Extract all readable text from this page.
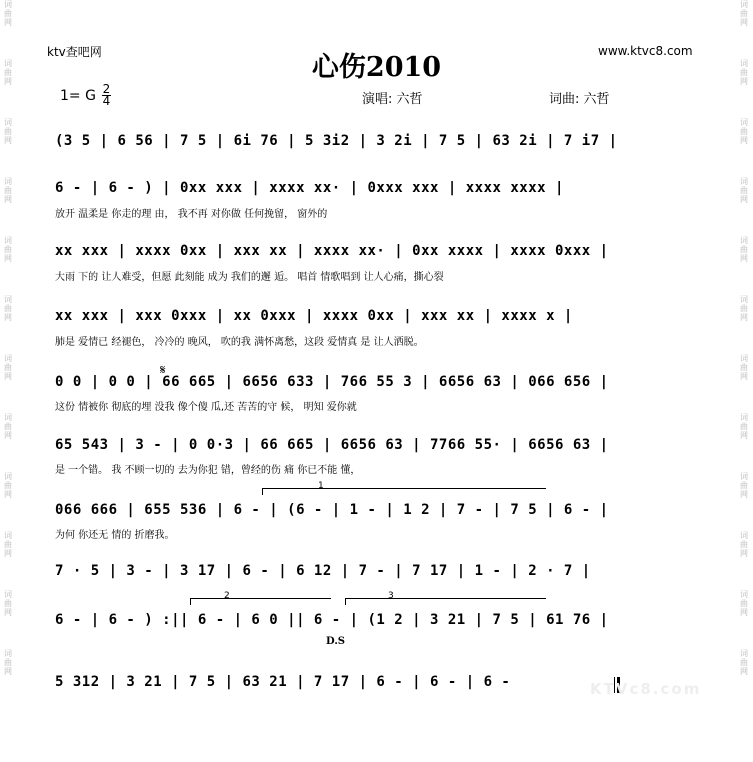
词
曲
网
词
曲
网
词
曲
网
词
曲
网
词
曲
网
词
曲
网
词
曲
网
词
曲
网
词
曲
网
词
曲
网
词
曲
网
词
曲
网
词
曲
网
词
曲
网
词
曲
网
词
曲
网
词
曲
网
词
曲
网
词
曲
网
词
曲
网
词
曲
网
词
曲
网
词
曲
网
词
曲
网
ktv查吧网	心伤2010
www.ktvc8.com
1= G 2
4	演唱: 六哲	词曲: 六哲
(3 5 | 6 56 | 7 5 | 6i 76 | 5 3i2 | 3 2i | 7 5 | 63 2i | 7 i7 |
6 - | 6 - ) | 0xx xxx | xxxx xx· | 0xxx xxx | xxxx xxxx |
放开 温柔是 你走的理 由， 我不再 对你做 任何挽留， 窗外的
xx xxx | xxxx 0xx | xxx xx | xxxx xx· | 0xx xxxx | xxxx 0xxx |
大雨 下的 让人难受，但愿 此刻能 成为 我们的邂 逅。 唱首 情歌唱到 让人心痛，撕心裂
xx xxx | xxx 0xxx | xx 0xxx | xxxx 0xx | xxx xx | xxxx x |
肺是 爱情已 经褪色， 冷冷的 晚风， 吹的我 满怀离愁，这段 爱情真 是 让人洒脱。
𝄋
0 0 | 0 0 | 66 665 | 6656 633 | 766 55 3 | 6656 63 | 066 656 |
这份 情被你 彻底的埋 没我 像个傻 瓜,还 苦苦的守 候， 明知 爱你就
65 543 | 3 - | 0 0·3 | 66 665 | 6656 63 | 7766 55· | 6656 63 |
是 一个错。 我 不顾一切的 去为你犯 错，曾经的伤 痛 你已不能 懂，
1
066 666 | 655 536 | 6 - | (6 - | 1 - | 1 2 | 7 - | 7 5 | 6 - |
为何 你还无 情的 折磨我。
7 · 5 | 3 - | 3 17 | 6 - | 6 12 | 7 - | 7 17 | 1 - | 2 · 7 |
2	3
6 - | 6 - ) :|| 6 - | 6 0 || 6 - | (1 2 | 3 21 | 7 5 | 61 76 |
D.S
5 312 | 3 21 | 7 5 | 63 21 | 7 17 | 6 - | 6 - | 6 -	KTVc8.com
